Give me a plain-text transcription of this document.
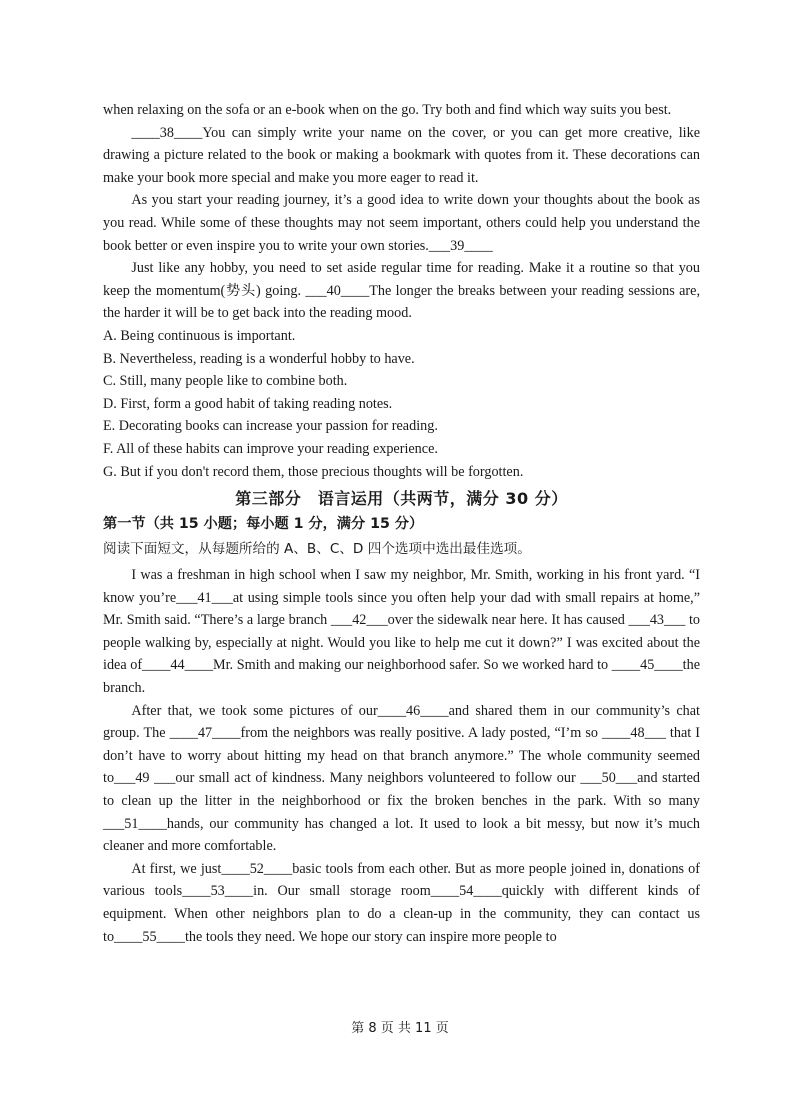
when relaxing on the sofa or an e-book when on the go. Try both and find which way suits you best.

____38____You can simply write your name on the cover, or you can get more creative, like drawing a picture related to the book or making a bookmark with quotes from it. These decorations can make your book more special and make you more eager to read it.

As you start your reading journey, it’s a good idea to write down your thoughts about the book as you read. While some of these thoughts may not seem important, others could help you understand the book better or even inspire you to write your own stories.___39____

Just like any hobby, you need to set aside regular time for reading. Make it a routine so that you keep the momentum(势头) going. ___40____The longer the breaks between your reading sessions are, the harder it will be to get back into the reading mood.

A. Being continuous is important.

B. Nevertheless, reading is a wonderful hobby to have.

C. Still, many people like to combine both.

D. First, form a good habit of taking reading notes.

E. Decorating books can increase your passion for reading.

F. All of these habits can improve your reading experience.

G. But if you don't record them, those precious thoughts will be forgotten.

第三部分　语言运用（共两节，满分 30 分）
第一节（共 15 小题；每小题 1 分，满分 15 分）
阅读下面短文，从每题所给的 A、B、C、D 四个选项中选出最佳选项。

I was a freshman in high school when I saw my neighbor, Mr. Smith, working in his front yard. “I know you’re___41___at using simple tools since you often help your dad with small repairs at home,” Mr. Smith said. “There’s a large branch ___42___over the sidewalk near here. It has caused ___43___ to people walking by, especially at night. Would you like to help me cut it down?” I was excited about the idea of____44____Mr. Smith and making our neighborhood safer. So we worked hard to ____45____the branch.

After that, we took some pictures of our____46____and shared them in our community’s chat group. The ____47____from the neighbors was really positive. A lady posted, “I’m so ____48___ that I don’t have to worry about hitting my head on that branch anymore.” The whole community seemed to___49 ___our small act of kindness. Many neighbors volunteered to follow our ___50___and started to clean up the litter in the neighborhood or fix the broken benches in the park. With so many ___51____hands, our community has changed a lot. It used to look a bit messy, but now it’s much cleaner and more comfortable.

At first, we just____52____basic tools from each other. But as more people joined in, donations of various tools____53____in. Our small storage room____54____quickly with different kinds of equipment. When other neighbors plan to do a clean-up in the community, they can contact us to____55____the tools they need. We hope our story can inspire more people to

第 8 页 共 11 页
